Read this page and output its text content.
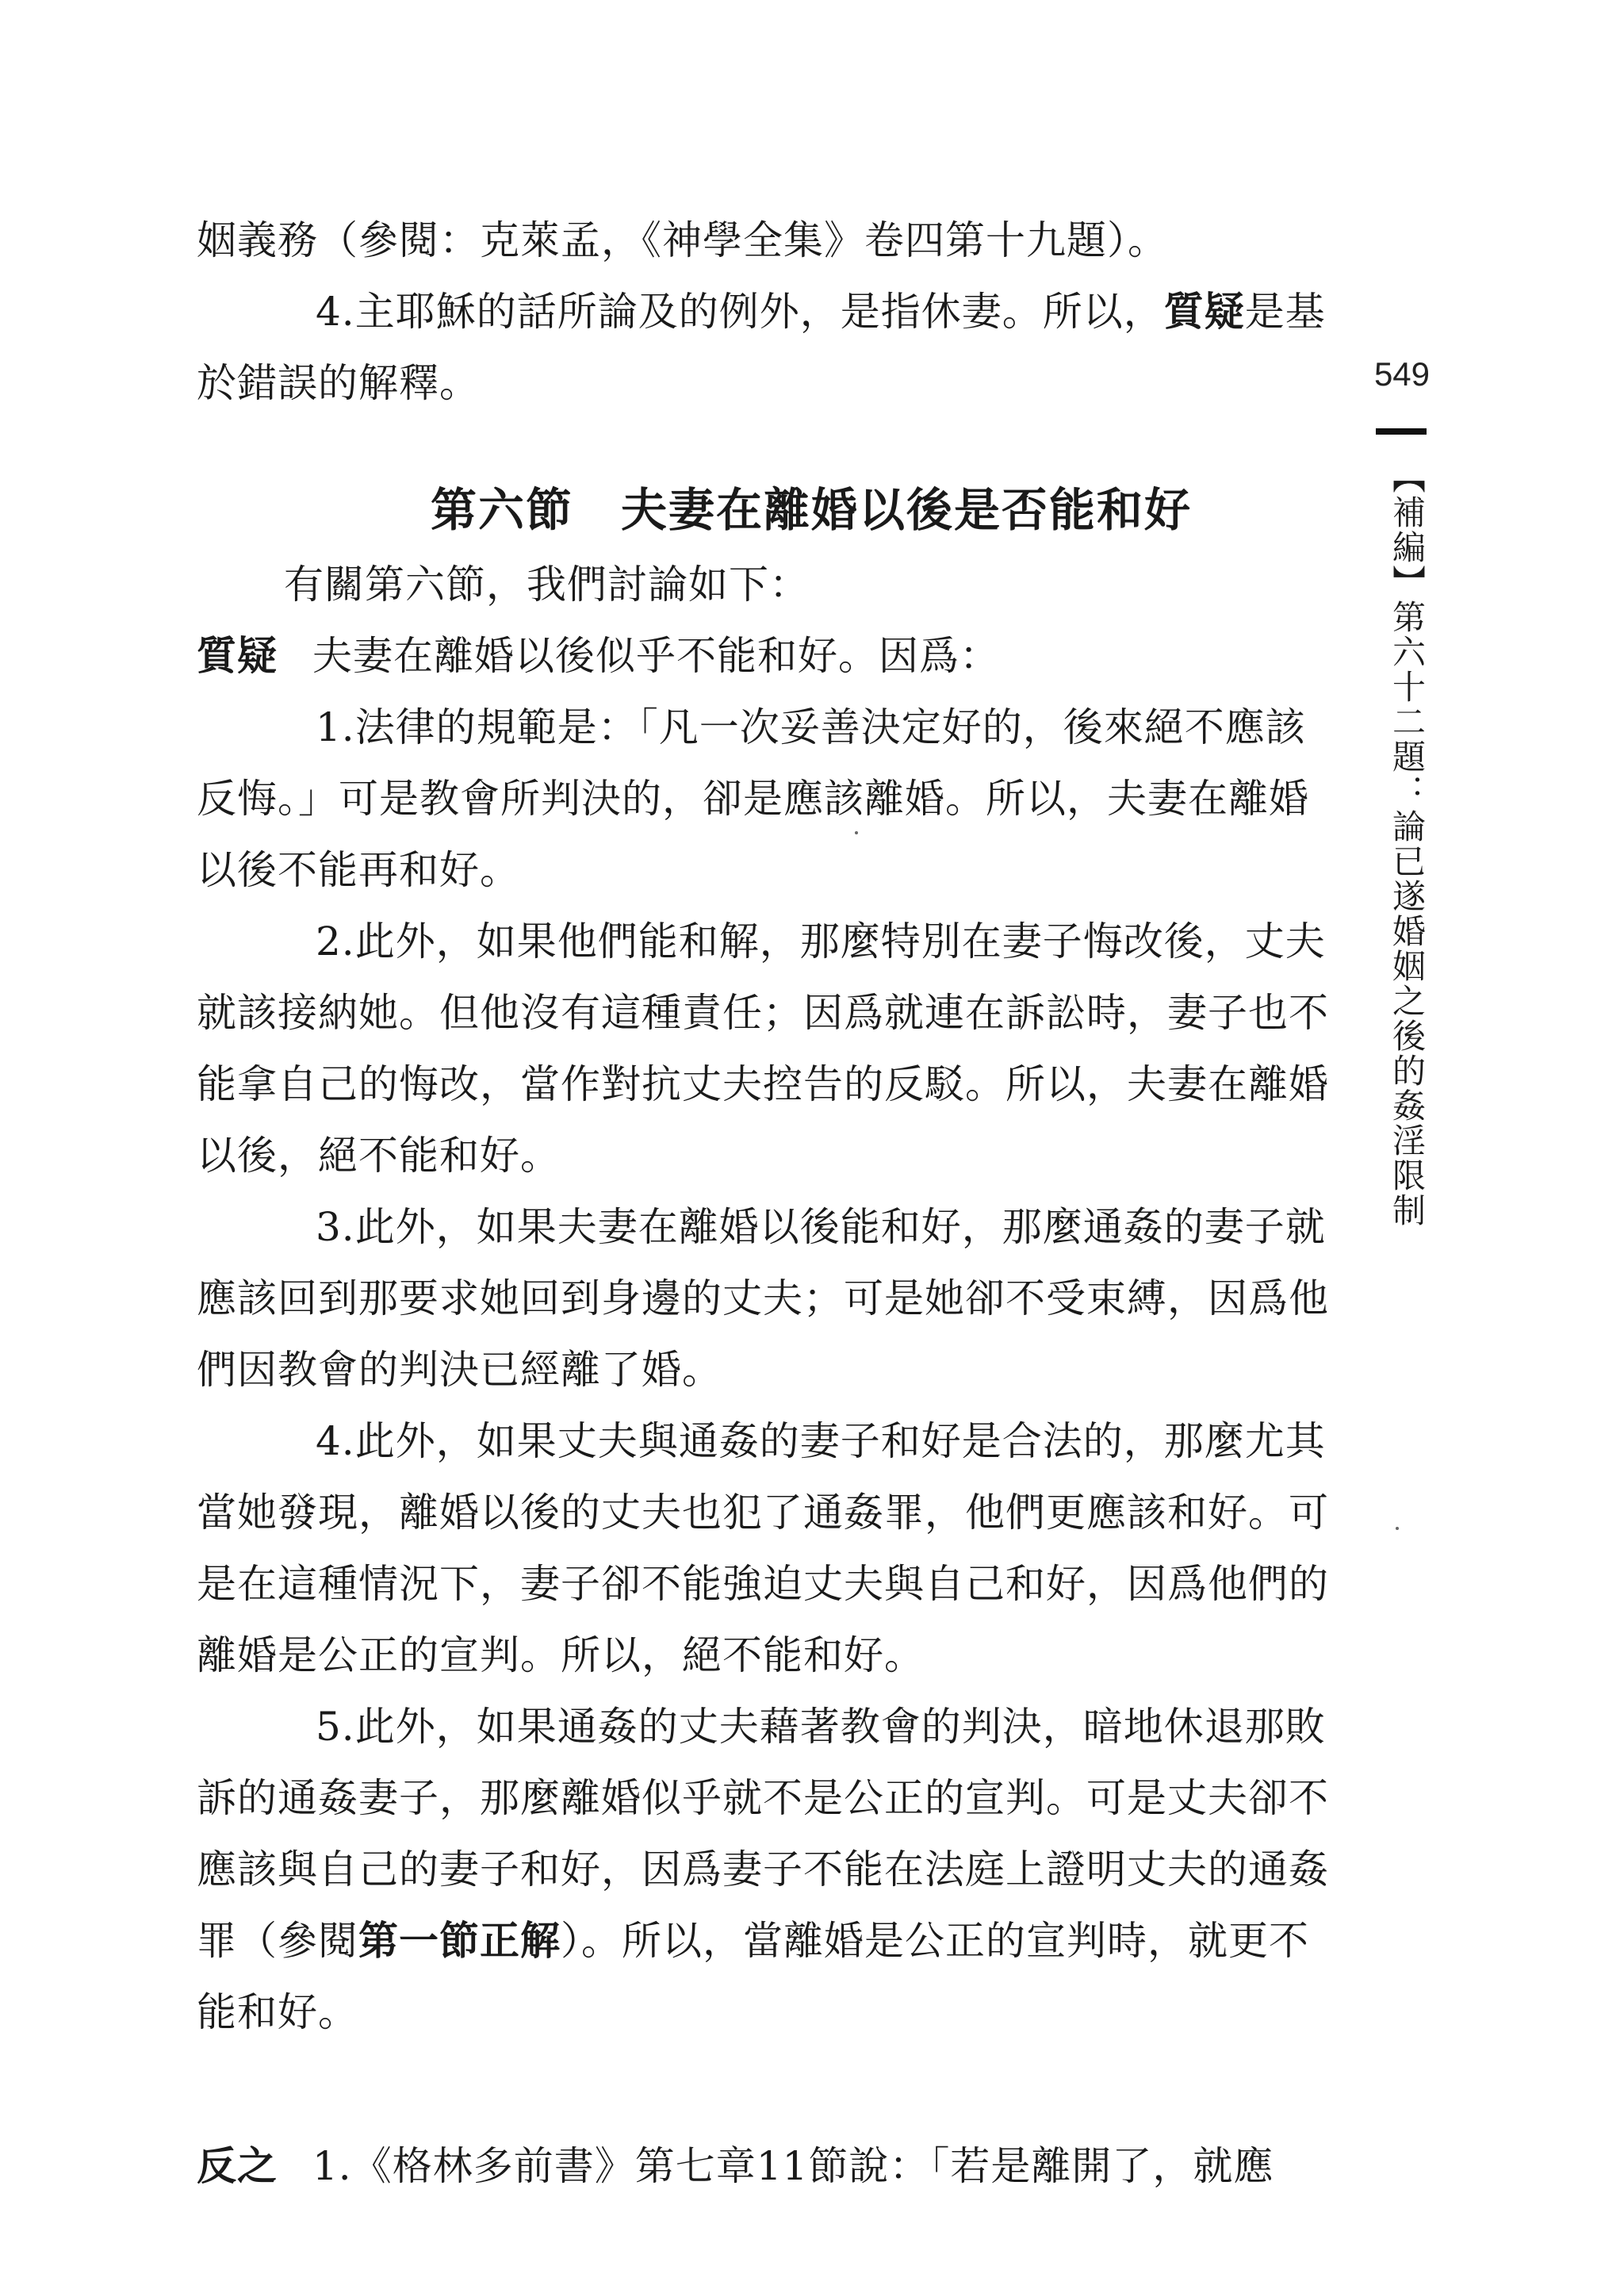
姻義務（參閱：克萊孟，《神學全集》卷四第十九題）。

4.主耶穌的話所論及的例外，是指休妻。所以，質疑是基於錯誤的解釋。

第六節 夫妻在離婚以後是否能和好

有關第六節，我們討論如下：

質疑 夫妻在離婚以後似乎不能和好。因爲：

1.法律的規範是：「凡一次妥善決定好的，後來絕不應該反悔。」可是教會所判決的，卻是應該離婚。所以，夫妻在離婚以後不能再和好。

2.此外，如果他們能和解，那麼特別在妻子悔改後，丈夫就該接納她。但他沒有這種責任；因爲就連在訴訟時，妻子也不能拿自己的悔改，當作對抗丈夫控告的反駁。所以，夫妻在離婚以後，絕不能和好。

3.此外，如果夫妻在離婚以後能和好，那麼通姦的妻子就應該回到那要求她回到身邊的丈夫；可是她卻不受束縛，因爲他們因教會的判決已經離了婚。

4.此外，如果丈夫與通姦的妻子和好是合法的，那麼尤其當她發現，離婚以後的丈夫也犯了通姦罪，他們更應該和好。可是在這種情況下，妻子卻不能強迫丈夫與自己和好，因爲他們的離婚是公正的宣判。所以，絕不能和好。

5.此外，如果通姦的丈夫藉著教會的判決，暗地休退那敗訴的通姦妻子，那麼離婚似乎就不是公正的宣判。可是丈夫卻不應該與自己的妻子和好，因爲妻子不能在法庭上證明丈夫的通姦罪（參閱第一節正解）。所以，當離婚是公正的宣判時，就更不能和好。

反之 1.《格林多前書》第七章11節說：「若是離開了，就應

549
【補編】第六十二題：論已遂婚姻之後的姦淫限制
